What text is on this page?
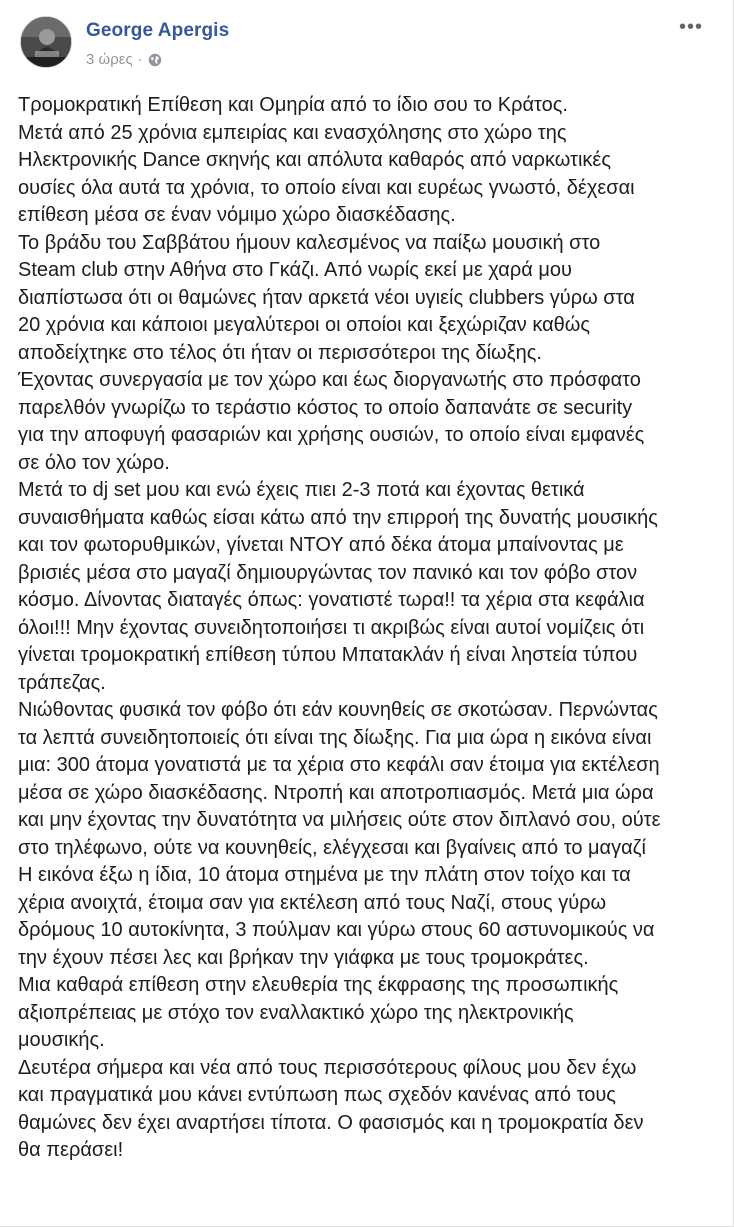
George Apergis
3 ώρες ·
•••
Τρομοκρατική Επίθεση και Ομηρία από το ίδιο σου το Κράτος.
Μετά από 25 χρόνια εμπειρίας και ενασχόλησης στο χώρο της
Ηλεκτρονικής Dance σκηνής και απόλυτα καθαρός από ναρκωτικές
ουσίες όλα αυτά τα χρόνια, το οποίο είναι και ευρέως γνωστό, δέχεσαι
επίθεση μέσα σε έναν νόμιμο χώρο διασκέδασης.
Το βράδυ του Σαββάτου ήμουν καλεσμένος να παίξω μουσική στο
Steam club στην Αθήνα στο Γκάζι. Από νωρίς εκεί με χαρά μου
διαπίστωσα ότι οι θαμώνες ήταν αρκετά νέοι υγιείς clubbers γύρω στα
20 χρόνια και κάποιοι μεγαλύτεροι οι οποίοι και ξεχώριζαν καθώς
αποδείχτηκε στο τέλος ότι ήταν οι περισσότεροι της δίωξης.
Έχοντας συνεργασία με τον χώρο και έως διοργανωτής στο πρόσφατο
παρελθόν γνωρίζω το τεράστιο κόστος το οποίο δαπανάτε σε security
για την αποφυγή φασαριών και χρήσης ουσιών, το οποίο είναι εμφανές
σε όλο τον χώρο.
Μετά το dj set μου και ενώ έχεις πιει 2-3 ποτά και έχοντας θετικά
συναισθήματα καθώς είσαι κάτω από την επιρροή της δυνατής μουσικής
και τον φωτορυθμικών, γίνεται ΝΤΟΥ από δέκα άτομα μπαίνοντας με
βρισιές μέσα στο μαγαζί δημιουργώντας τον πανικό και τον φόβο στον
κόσμο. Δίνοντας διαταγές όπως: γονατιστέ τωρα!! τα χέρια στα κεφάλια
όλοι!!! Μην έχοντας συνειδητοποιήσει τι ακριβώς είναι αυτοί νομίζεις ότι
γίνεται τρομοκρατική επίθεση τύπου Μπατακλάν ή είναι ληστεία τύπου
τράπεζας.
Νιώθοντας φυσικά τον φόβο ότι εάν κουνηθείς σε σκοτώσαν. Περνώντας
τα λεπτά συνειδητοποιείς ότι είναι της δίωξης. Για μια ώρα η εικόνα είναι
μια: 300 άτομα γονατιστά με τα χέρια στο κεφάλι σαν έτοιμα για εκτέλεση
μέσα σε χώρο διασκέδασης. Ντροπή και αποτροπιασμός. Μετά μια ώρα
και μην έχοντας την δυνατότητα να μιλήσεις ούτε στον διπλανό σου, ούτε
στο τηλέφωνο, ούτε να κουνηθείς, ελέγχεσαι και βγαίνεις από το μαγαζί
Η εικόνα έξω η ίδια, 10 άτομα στημένα με την πλάτη στον τοίχο και τα
χέρια ανοιχτά, έτοιμα σαν για εκτέλεση από τους Ναζί, στους γύρω
δρόμους 10 αυτοκίνητα, 3 πούλμαν και γύρω στους 60 αστυνομικούς να
την έχουν πέσει λες και βρήκαν την γιάφκα με τους τρομοκράτες.
Μια καθαρά επίθεση στην ελευθερία της έκφρασης της προσωπικής
αξιοπρέπειας με στόχο τον εναλλακτικό χώρο της ηλεκτρονικής
μουσικής.
Δευτέρα σήμερα και νέα από τους περισσότερους φίλους μου δεν έχω
και πραγματικά μου κάνει εντύπωση πως σχεδόν κανένας από τους
θαμώνες δεν έχει αναρτήσει τίποτα. Ο φασισμός και η τρομοκρατία δεν
θα περάσει!
